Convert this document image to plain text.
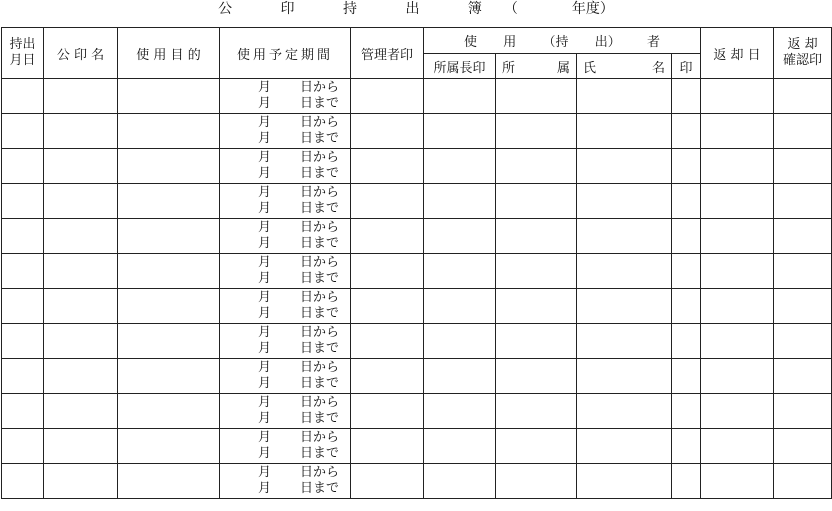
公 印 持 出 簿（	年度）
持出
月日	公 印 名	使 用 目 的	使用予定期間	管理者印	使 用 （持 出） 者				返 却 日	返 却
確認印

					所属長印	所 属	氏 名	印		

			月 日から
月 日まで							

			月 日から
月 日まで							

			月 日から
月 日まで							

			月 日から
月 日まで							

			月 日から
月 日まで							

			月 日から
月 日まで							

			月 日から
月 日まで							

			月 日から
月 日まで							

			月 日から
月 日まで							

			月 日から
月 日まで							

			月 日から
月 日まで							

			月 日から
月 日まで							
